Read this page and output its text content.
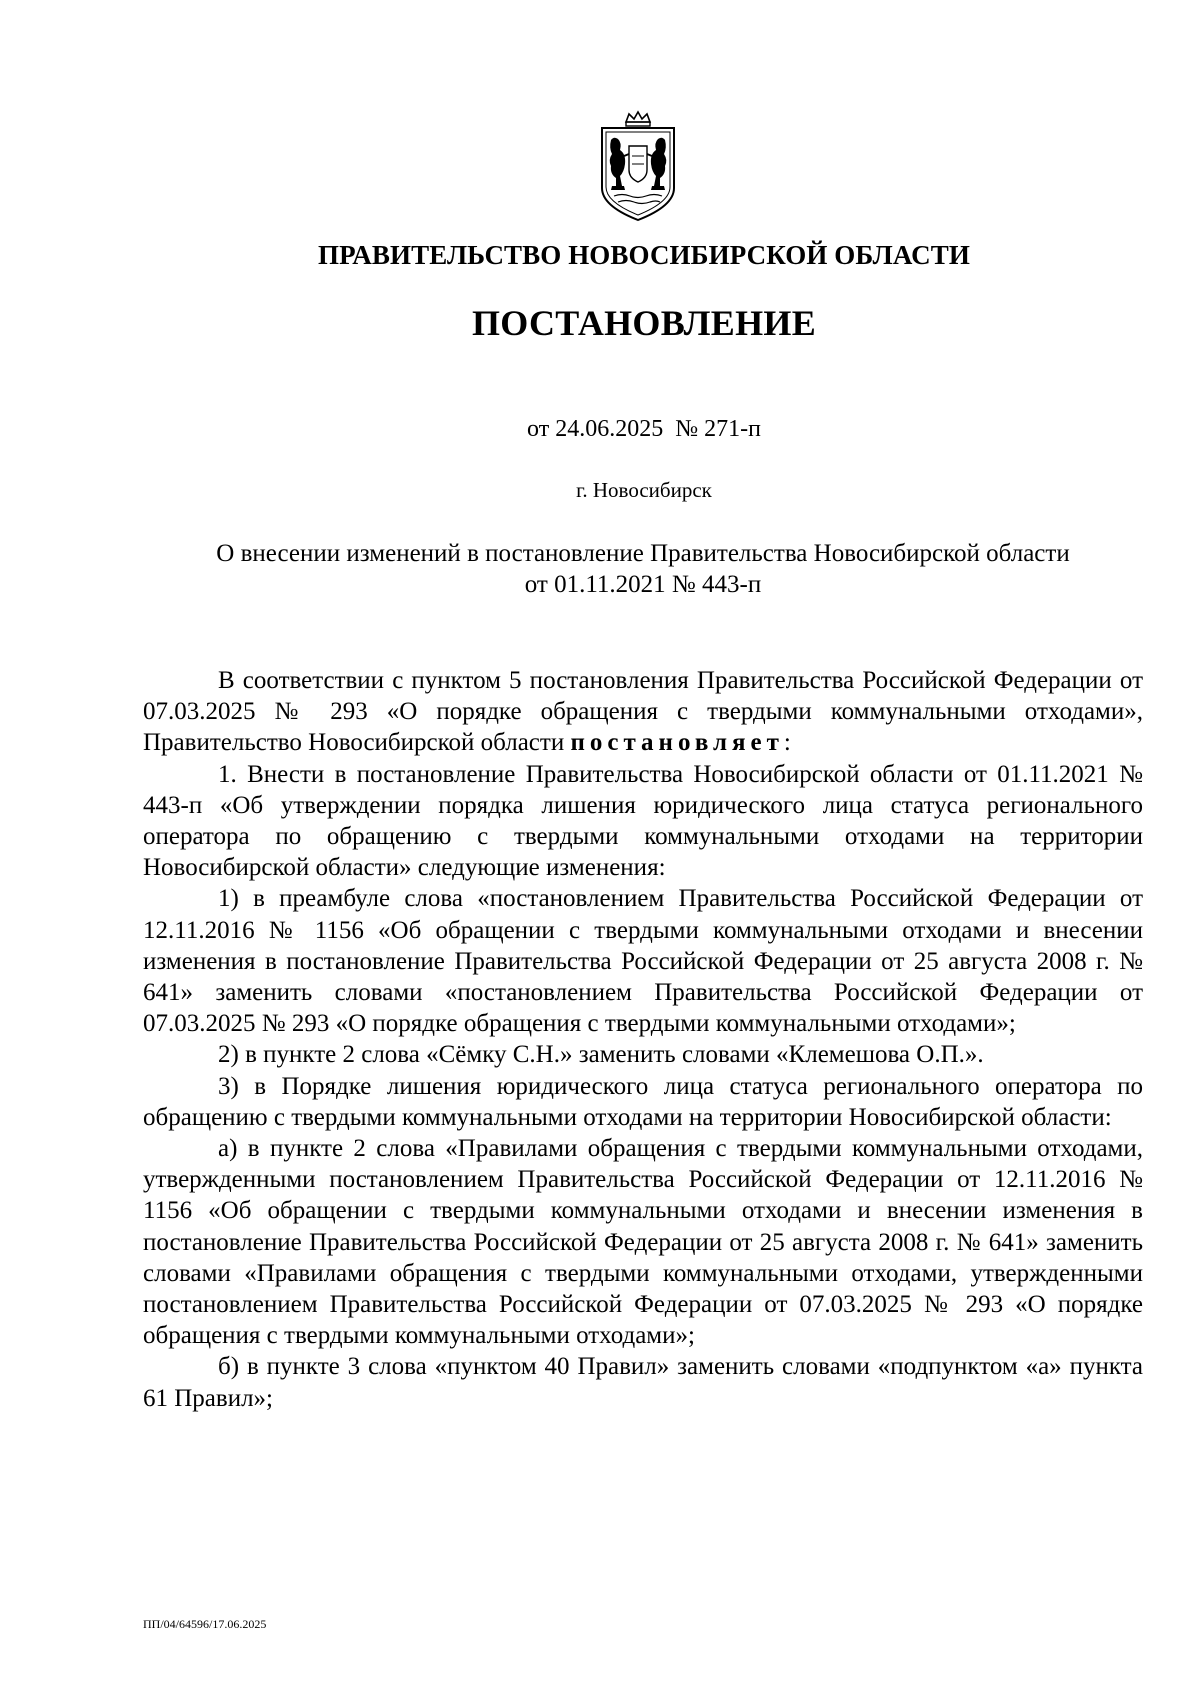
ПРАВИТЕЛЬСТВО НОВОСИБИРСКОЙ ОБЛАСТИ
ПОСТАНОВЛЕНИЕ
от 24.06.2025  № 271-п
г. Новосибирск
О внесении изменений в постановление Правительства Новосибирской области
от 01.11.2021 № 443-п

В соответствии с пунктом 5 постановления Правительства Российской Федерации от 07.03.2025 № 293 «О порядке обращения с твердыми коммунальными отходами», Правительство Новосибирской области постановляет:

1. Внести в постановление Правительства Новосибирской области от 01.11.2021 № 443-п «Об утверждении порядка лишения юридического лица статуса регионального оператора по обращению с твердыми коммунальными отходами на территории Новосибирской области» следующие изменения:

1) в преамбуле слова «постановлением Правительства Российской Федерации от 12.11.2016 № 1156 «Об обращении с твердыми коммунальными отходами и внесении изменения в постановление Правительства Российской Федерации от 25 августа 2008 г. № 641» заменить словами «постановлением Правительства Российской Федерации от 07.03.2025 № 293 «О порядке обращения с твердыми коммунальными отходами»;

2) в пункте 2 слова «Сёмку С.Н.» заменить словами «Клемешова О.П.».

3) в Порядке лишения юридического лица статуса регионального оператора по обращению с твердыми коммунальными отходами на территории Новосибирской области:

а) в пункте 2 слова «Правилами обращения с твердыми коммунальными отходами, утвержденными постановлением Правительства Российской Федерации от 12.11.2016 № 1156 «Об обращении с твердыми коммунальными отходами и внесении изменения в постановление Правительства Российской Федерации от 25 августа 2008 г. № 641» заменить словами «Правилами обращения с твердыми коммунальными отходами, утвержденными постановлением Правительства Российской Федерации от 07.03.2025 № 293 «О порядке обращения с твердыми коммунальными отходами»;

б) в пункте 3 слова «пунктом 40 Правил» заменить словами «подпунктом «а» пункта 61 Правил»;

ПП/04/64596/17.06.2025
